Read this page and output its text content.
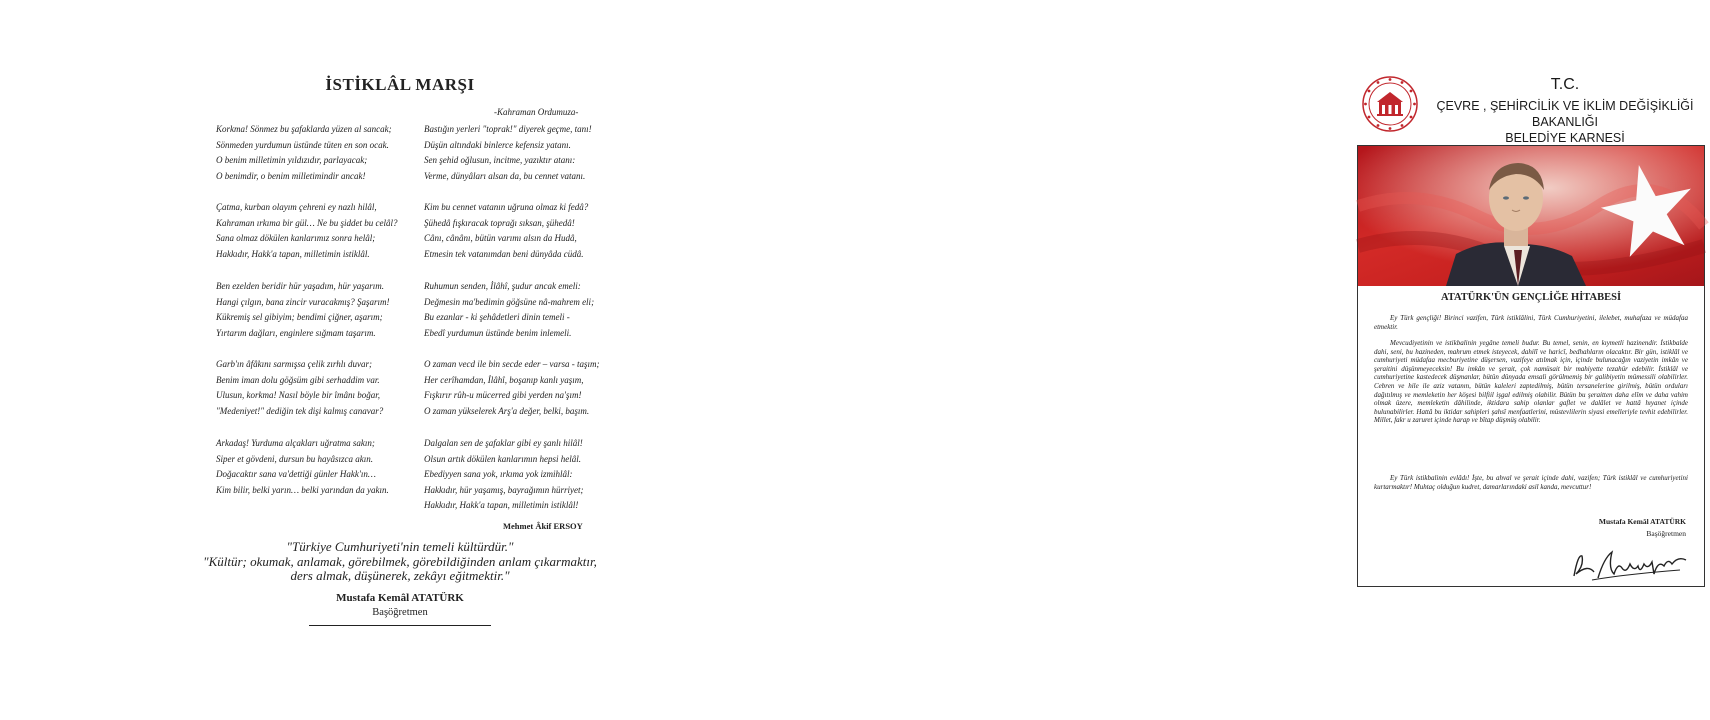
İSTİKLÂL MARŞI
-Kahraman Ordumuza-
Korkma! Sönmez bu şafaklarda yüzen al sancak;
Sönmeden yurdumun üstünde tüten en son ocak.
O benim milletimin yıldızıdır, parlayacak;
O benimdir, o benim milletimindir ancak!
Çatma, kurban olayım çehreni ey nazlı hilâl,
Kahraman ırkıma bir gül… Ne bu şiddet bu celâl?
Sana olmaz dökülen kanlarımız sonra helâl;
Hakkıdır, Hakk'a tapan, milletimin istiklâl.
Ben ezelden beridir hür yaşadım, hür yaşarım.
Hangi çılgın, bana zincir vuracakmış? Şaşarım!
Kükremiş sel gibiyim; bendimi çiğner, aşarım;
Yırtarım dağları, enginlere sığmam taşarım.
Garb'ın âfâkını sarmışsa çelik zırhlı duvar;
Benim iman dolu göğsüm gibi serhaddim var.
Ulusun, korkma! Nasıl böyle bir îmânı boğar,
"Medeniyet!" dediğin tek dişi kalmış canavar?
Arkadaş! Yurduma alçakları uğratma sakın;
Siper et gövdeni, dursun bu hayâsızca akın.
Doğacaktır sana va'dettiği günler Hakk'ın…
Kim bilir, belki yarın… belki yarından da yakın.
Bastığın yerleri "toprak!" diyerek geçme, tanı!
Düşün altındaki binlerce kefensiz yatanı.
Sen şehid oğlusun, incitme, yazıktır atanı:
Verme, dünyâları alsan da, bu cennet vatanı.
Kim bu cennet vatanın uğruna olmaz ki fedâ?
Şühedâ fışkıracak toprağı sıksan, şühedâ!
Cânı, cânânı, bütün varımı alsın da Hudâ,
Etmesin tek vatanımdan beni dünyâda cüdâ.
Ruhumun senden, İlâhî, şudur ancak emeli:
Değmesin ma'bedimin göğsüne nâ-mahrem eli;
Bu ezanlar - ki şehâdetleri dinin temeli -
Ebedî yurdumun üstünde benim inlemeli.
O zaman vecd ile bin secde eder – varsa - taşım;
Her cerîhamdan, İlâhî, boşanıp kanlı yaşım,
Fışkırır rûh-u mücerred gibi yerden na'şım!
O zaman yükselerek Arş'a değer, belki, başım.
Dalgalan sen de şafaklar gibi ey şanlı hilâl!
Olsun artık dökülen kanlarımın hepsi helâl.
Ebediyyen sana yok, ırkıma yok izmihlâl:
Hakkıdır, hür yaşamış, bayrağımın hürriyet;
Hakkıdır, Hakk'a tapan, milletimin istiklâl!
Mehmet Âkif ERSOY
"Türkiye Cumhuriyeti'nin temeli kültürdür."
"Kültür; okumak, anlamak, görebilmek, görebildiğinden anlam çıkarmaktır,
ders almak, düşünerek, zekâyı eğitmektir."
Mustafa Kemâl ATATÜRK
Başöğretmen
T.C.
ÇEVRE , ŞEHİRCİLİK VE İKLİM DEĞİŞİKLİĞİ BAKANLIĞI
BELEDİYE KARNESİ
ATATÜRK'ÜN GENÇLİĞE HİTABESİ
Ey Türk gençliği! Birinci vazifen, Türk istiklâlini, Türk Cumhuriyetini, ilelebet, muhafaza ve müdafaa etmektir.
Mevcudiyetinin ve istikbalinin yegâne temeli budur. Bu temel, senin, en kıymetli hazinendir. İstikbalde dahi, seni, bu hazineden, mahrum etmek isteyecek, dahilî ve haricî, bedhahların olacaktır. Bir gün, istiklâl ve cumhuriyeti müdafaa mecburiyetine düşersen, vazifeye atılmak için, içinde bulunacağın vaziyetin imkân ve şeraitini düşünmeyeceksin! Bu imkân ve şerait, çok namüsait bir mahiyette tezahür edebilir. İstiklâl ve cumhuriyetine kastedecek düşmanlar, bütün dünyada emsali görülmemiş bir galibiyetin mümessili olabilirler. Cebren ve hile ile aziz vatanın, bütün kaleleri zaptedilmiş, bütün tersanelerine girilmiş, bütün orduları dağıtılmış ve memleketin her köşesi bilfiil işgal edilmiş olabilir. Bütün bu şeraitten daha elîm ve daha vahim olmak üzere, memleketin dâhilinde, iktidara sahip olanlar gaflet ve dalâlet ve hattâ hıyanet içinde bulunabilirler. Hattâ bu iktidar sahipleri şahsî menfaatlerini, müstevlilerin siyasi emelleriyle tevhit edebilirler. Millet, fakr u zaruret içinde harap ve bîtap düşmüş olabilir.
Ey Türk istikbalinin evlâdı! İşte, bu ahval ve şerait içinde dahi, vazifen; Türk istiklâl ve cumhuriyetini kurtarmaktır! Muhtaç olduğun kudret, damarlarındaki asil kanda, mevcuttur!
Mustafa Kemâl ATATÜRK
Başöğretmen
